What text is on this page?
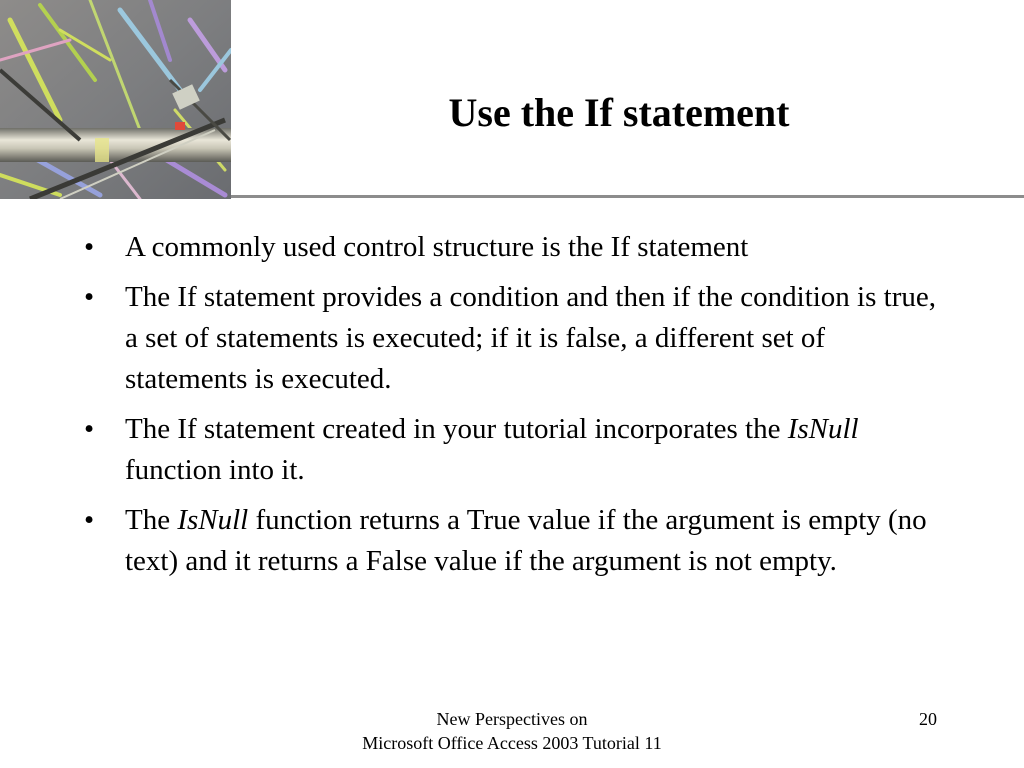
Use the If statement
• A commonly used control structure is the If statement
• The If statement provides a condition and then if the condition is true, a set of statements is executed; if it is false, a different set of statements is executed.
• The If statement created in your tutorial incorporates the IsNull function into it.
• The IsNull function returns a True value if the argument is empty (no text) and it returns a False value if the argument is not empty.
New Perspectives on
Microsoft Office Access 2003 Tutorial 11
20
